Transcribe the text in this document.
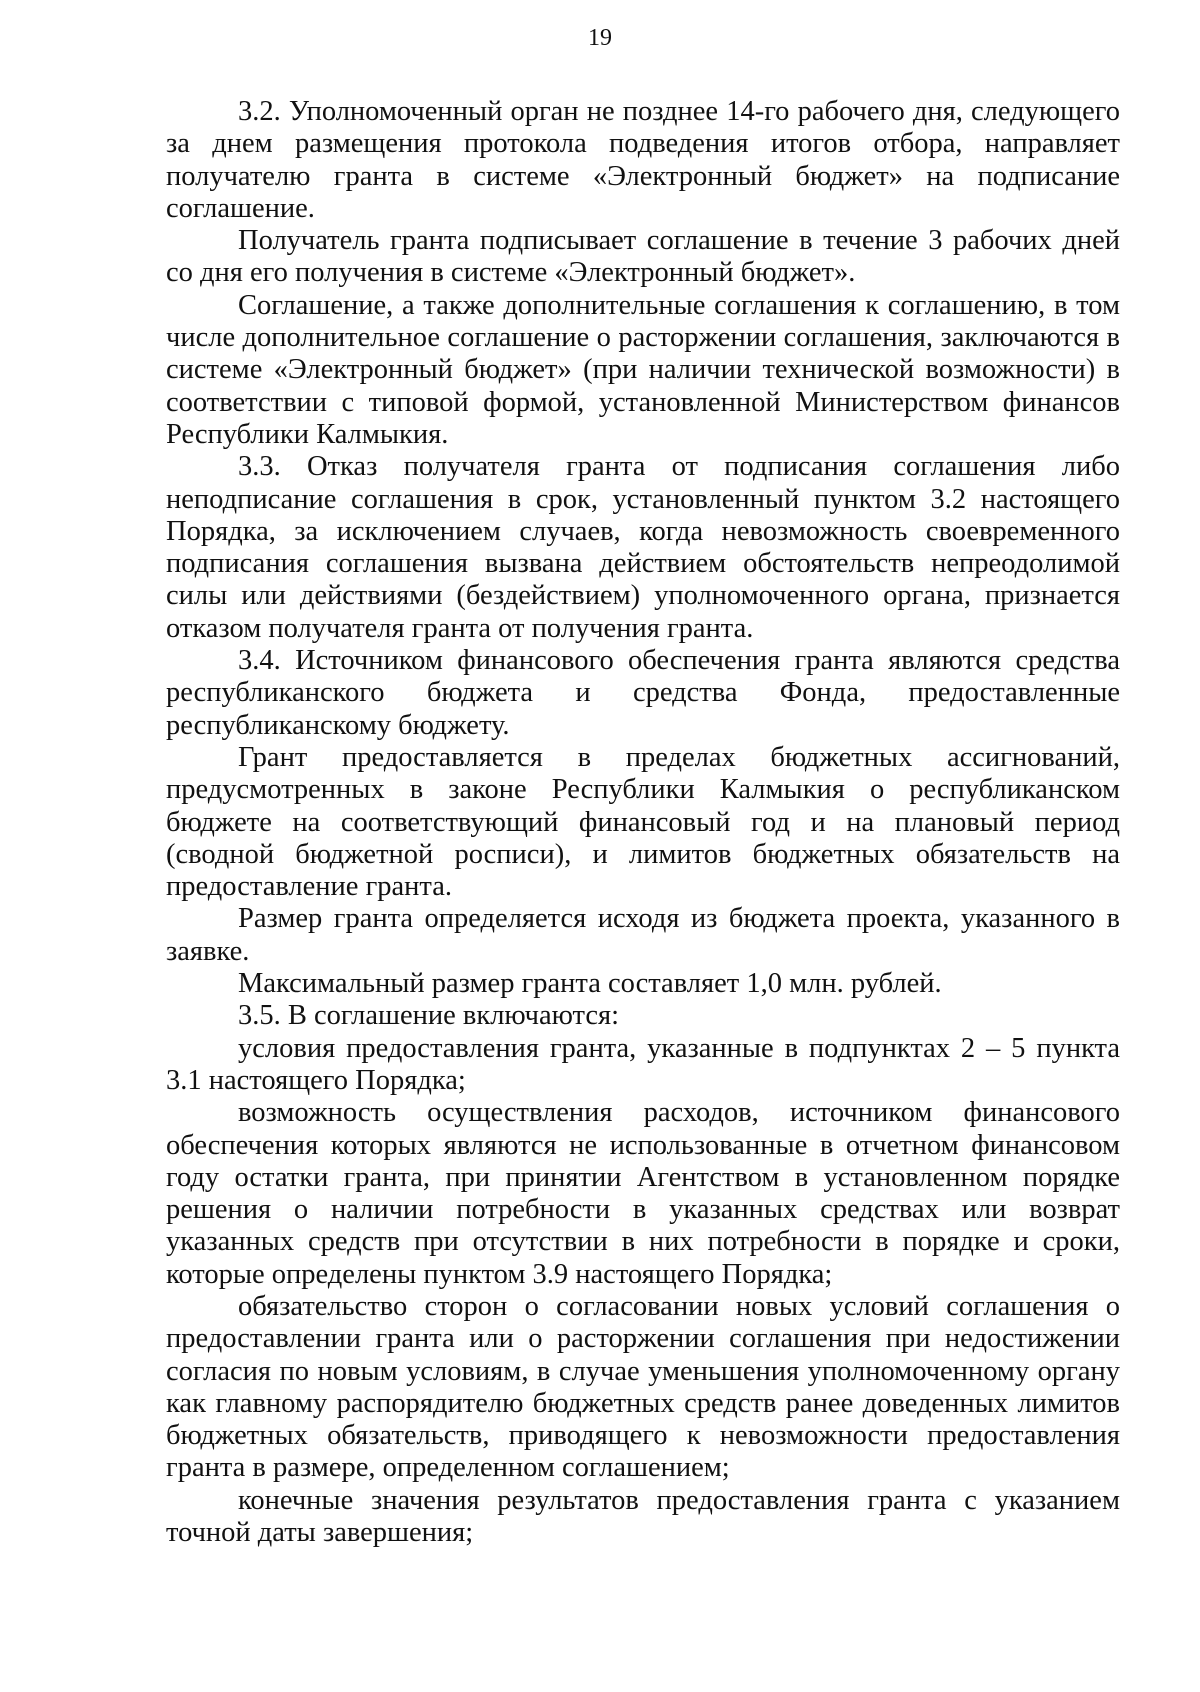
19

3.2. Уполномоченный орган не позднее 14-го рабочего дня, следующего за днем размещения протокола подведения итогов отбора, направляет получателю гранта в системе «Электронный бюджет» на подписание соглашение.

Получатель гранта подписывает соглашение в течение 3 рабочих дней со дня его получения в системе «Электронный бюджет».

Соглашение, а также дополнительные соглашения к соглашению, в том числе дополнительное соглашение о расторжении соглашения, заключаются в системе «Электронный бюджет» (при наличии технической возможности) в соответствии с типовой формой, установленной Министерством финансов Республики Калмыкия.

3.3. Отказ получателя гранта от подписания соглашения либо неподписание соглашения в срок, установленный пунктом 3.2 настоящего Порядка, за исключением случаев, когда невозможность своевременного подписания соглашения вызвана действием обстоятельств непреодолимой силы или действиями (бездействием) уполномоченного органа, признается отказом получателя гранта от получения гранта.

3.4. Источником финансового обеспечения гранта являются средства республиканского бюджета и средства Фонда, предоставленные республиканскому бюджету.

Грант предоставляется в пределах бюджетных ассигнований, предусмотренных в законе Республики Калмыкия о республиканском бюджете на соответствующий финансовый год и на плановый период (сводной бюджетной росписи), и лимитов бюджетных обязательств на предоставление гранта.

Размер гранта определяется исходя из бюджета проекта, указанного в заявке.

Максимальный размер гранта составляет 1,0 млн. рублей.

3.5. В соглашение включаются:

условия предоставления гранта, указанные в подпунктах 2 – 5 пункта 3.1 настоящего Порядка;

возможность осуществления расходов, источником финансового обеспечения которых являются не использованные в отчетном финансовом году остатки гранта, при принятии Агентством в установленном порядке решения о наличии потребности в указанных средствах или возврат указанных средств при отсутствии в них потребности в порядке и сроки, которые определены пунктом 3.9 настоящего Порядка;

обязательство сторон о согласовании новых условий соглашения о предоставлении гранта или о расторжении соглашения при недостижении согласия по новым условиям, в случае уменьшения уполномоченному органу как главному распорядителю бюджетных средств ранее доведенных лимитов бюджетных обязательств, приводящего к невозможности предоставления гранта в размере, определенном соглашением;

конечные значения результатов предоставления гранта с указанием точной даты завершения;
